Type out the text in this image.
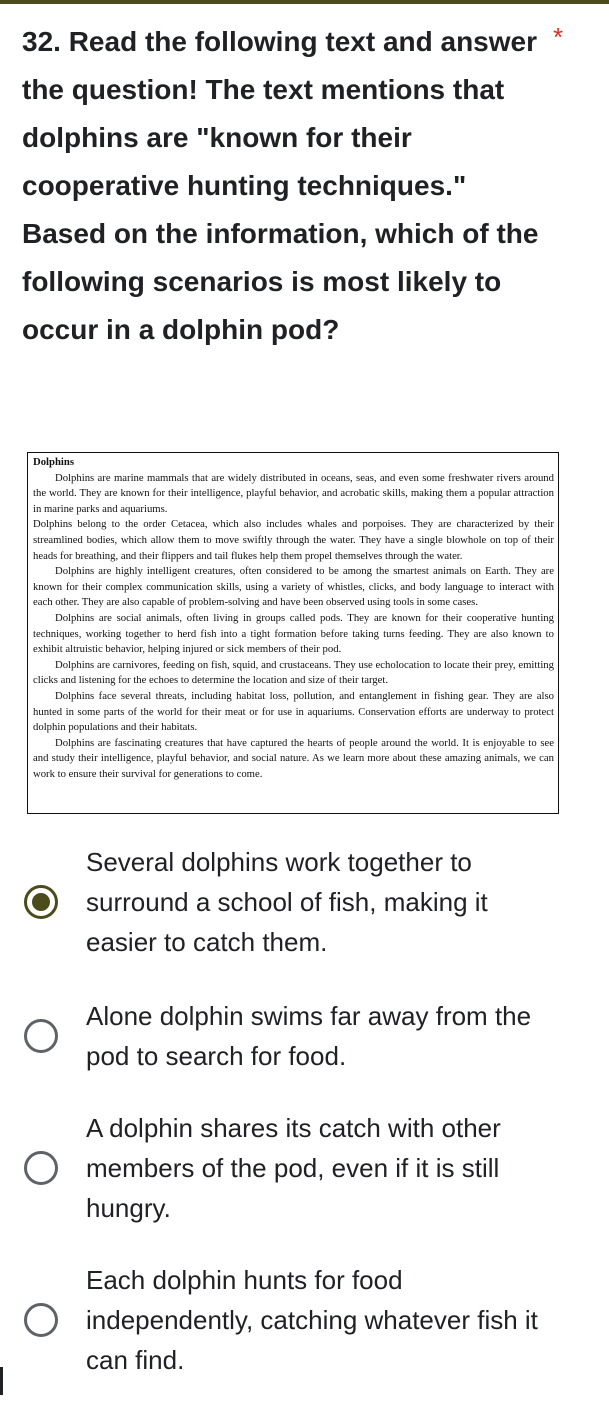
32. Read the following text and answer the question! The text mentions that dolphins are "known for their cooperative hunting techniques." Based on the information, which of the following scenarios is most likely to occur in a dolphin pod?
*
Dolphins

Dolphins are marine mammals that are widely distributed in oceans, seas, and even some freshwater rivers around the world. They are known for their intelligence, playful behavior, and acrobatic skills, making them a popular attraction in marine parks and aquariums.

Dolphins belong to the order Cetacea, which also includes whales and porpoises. They are characterized by their streamlined bodies, which allow them to move swiftly through the water. They have a single blowhole on top of their heads for breathing, and their flippers and tail flukes help them propel themselves through the water.

Dolphins are highly intelligent creatures, often considered to be among the smartest animals on Earth. They are known for their complex communication skills, using a variety of whistles, clicks, and body language to interact with each other. They are also capable of problem-solving and have been observed using tools in some cases.

Dolphins are social animals, often living in groups called pods. They are known for their cooperative hunting techniques, working together to herd fish into a tight formation before taking turns feeding. They are also known to exhibit altruistic behavior, helping injured or sick members of their pod.

Dolphins are carnivores, feeding on fish, squid, and crustaceans. They use echolocation to locate their prey, emitting clicks and listening for the echoes to determine the location and size of their target.

Dolphins face several threats, including habitat loss, pollution, and entanglement in fishing gear. They are also hunted in some parts of the world for their meat or for use in aquariums. Conservation efforts are underway to protect dolphin populations and their habitats.

Dolphins are fascinating creatures that have captured the hearts of people around the world. It is enjoyable to see and study their intelligence, playful behavior, and social nature. As we learn more about these amazing animals, we can work to ensure their survival for generations to come.

Several dolphins work together to surround a school of fish, making it easier to catch them.
Alone dolphin swims far away from the pod to search for food.
A dolphin shares its catch with other members of the pod, even if it is still hungry.
Each dolphin hunts for food independently, catching whatever fish it can find.
